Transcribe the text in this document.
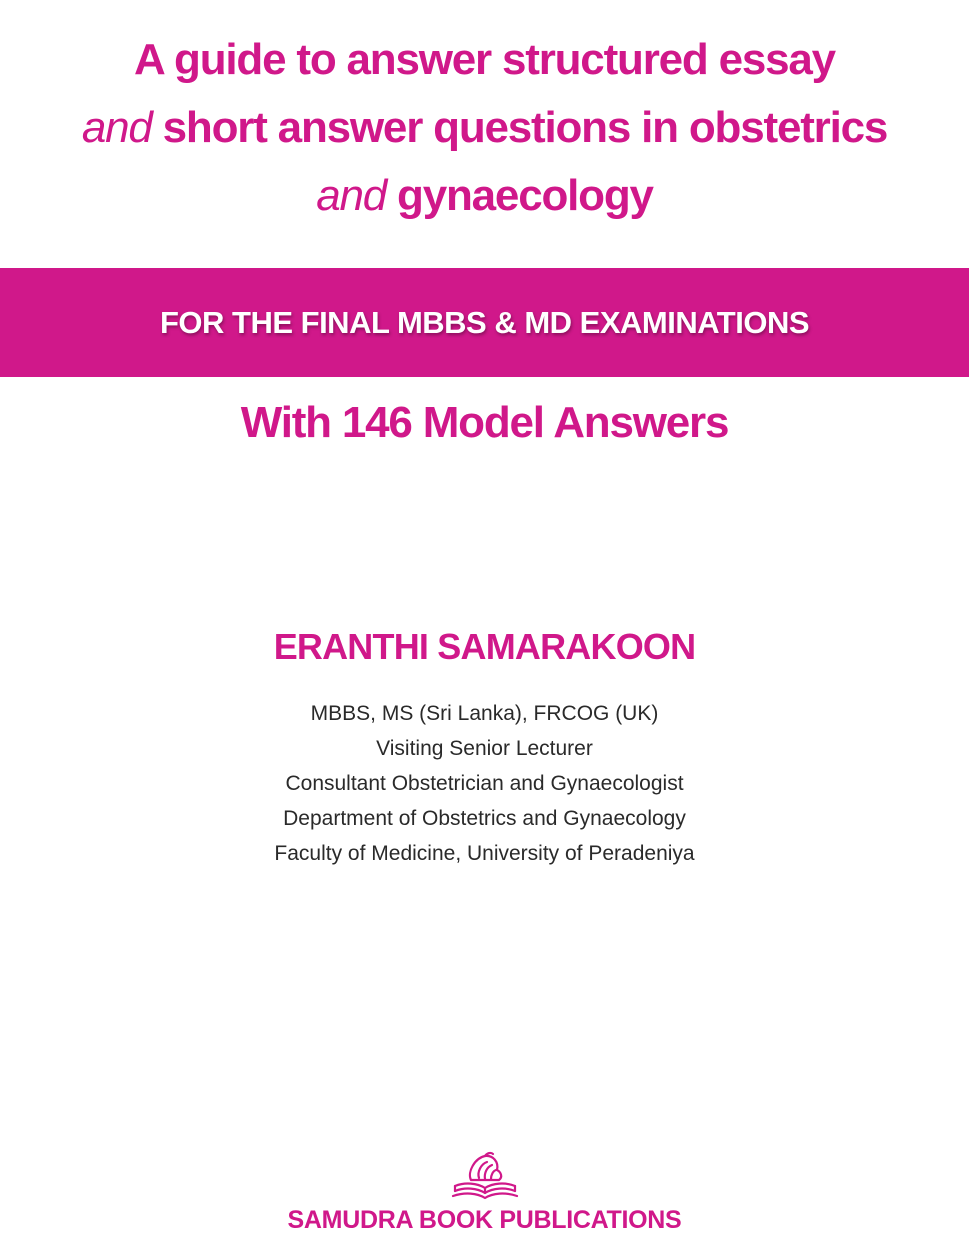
A guide to answer structured essay
and short answer questions in obstetrics
and gynaecology
FOR THE FINAL MBBS & MD EXAMINATIONS
With 146 Model Answers
ERANTHI SAMARAKOON
MBBS, MS (Sri Lanka), FRCOG (UK)
Visiting Senior Lecturer
Consultant Obstetrician and Gynaecologist
Department of Obstetrics and Gynaecology
Faculty of Medicine, University of Peradeniya
SAMUDRA BOOK PUBLICATIONS
